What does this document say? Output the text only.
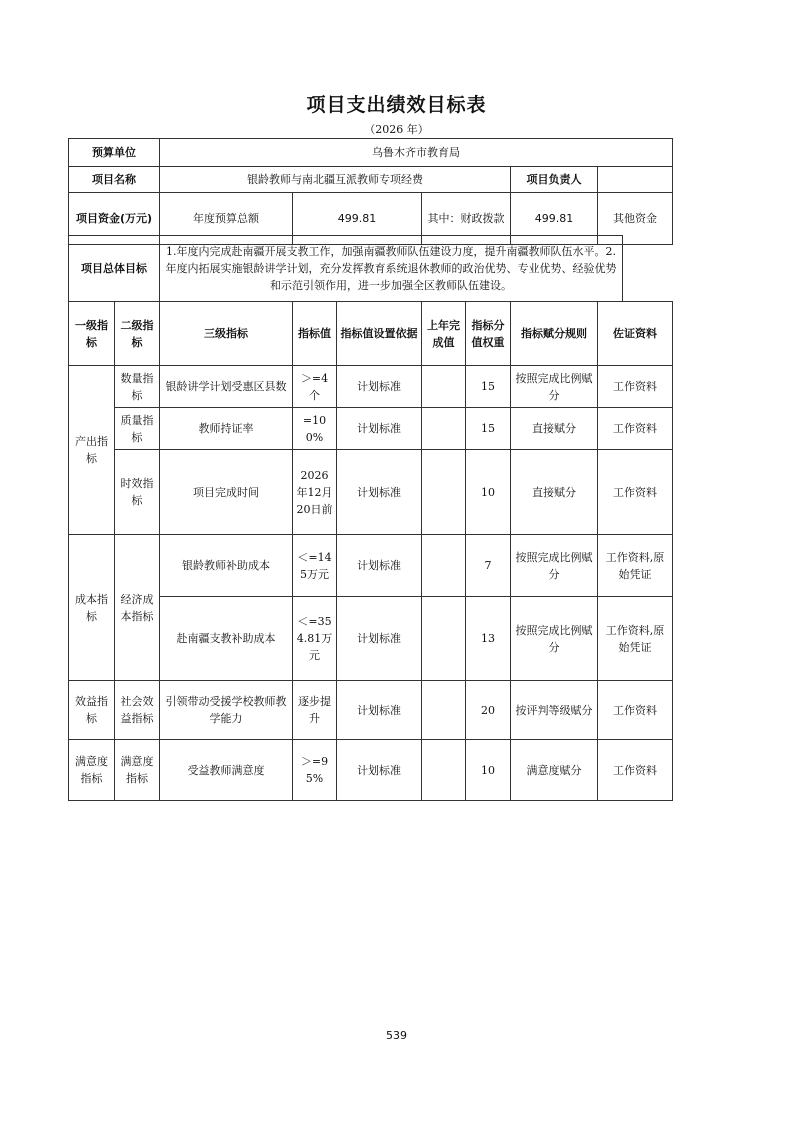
项目支出绩效目标表
（2026 年）
预算单位	乌鲁木齐市教育局					
项目名称	银龄教师与南北疆互派教师专项经费			项目负责人		
项目资金(万元)	年度预算总额	499.81	其中：财政拨款	499.81	其他资金	
项目总体目标	1.年度内完成赴南疆开展支教工作，加强南疆教师队伍建设力度，提升南疆教师队伍水平。2.年度内拓展实施银龄讲学计划，充分发挥教育系统退休教师的政治优势、专业优势、经验优势和示范引领作用，进一步加强全区教师队伍建设。
一级指标	二级指标	三级指标	指标值	指标值设置依据	上年完成值	指标分值权重	指标赋分规则	佐证资料
产出指标	数量指标	银龄讲学计划受惠区县数	＞=4个	计划标准		15	按照完成比例赋分	工作资料
	质量指标	教师持证率	=100%	计划标准		15	直接赋分	工作资料
	时效指标	项目完成时间	2026年12月20日前	计划标准		10	直接赋分	工作资料
成本指标	经济成本指标	银龄教师补助成本	＜=145万元	计划标准		7	按照完成比例赋分	工作资料,原始凭证
		赴南疆支教补助成本	＜=354.81万元	计划标准		13	按照完成比例赋分	工作资料,原始凭证
效益指标	社会效益指标	引领带动受援学校教师教学能力	逐步提升	计划标准		20	按评判等级赋分	工作资料
满意度指标	满意度指标	受益教师满意度	＞=95%	计划标准		10	满意度赋分	工作资料
539
